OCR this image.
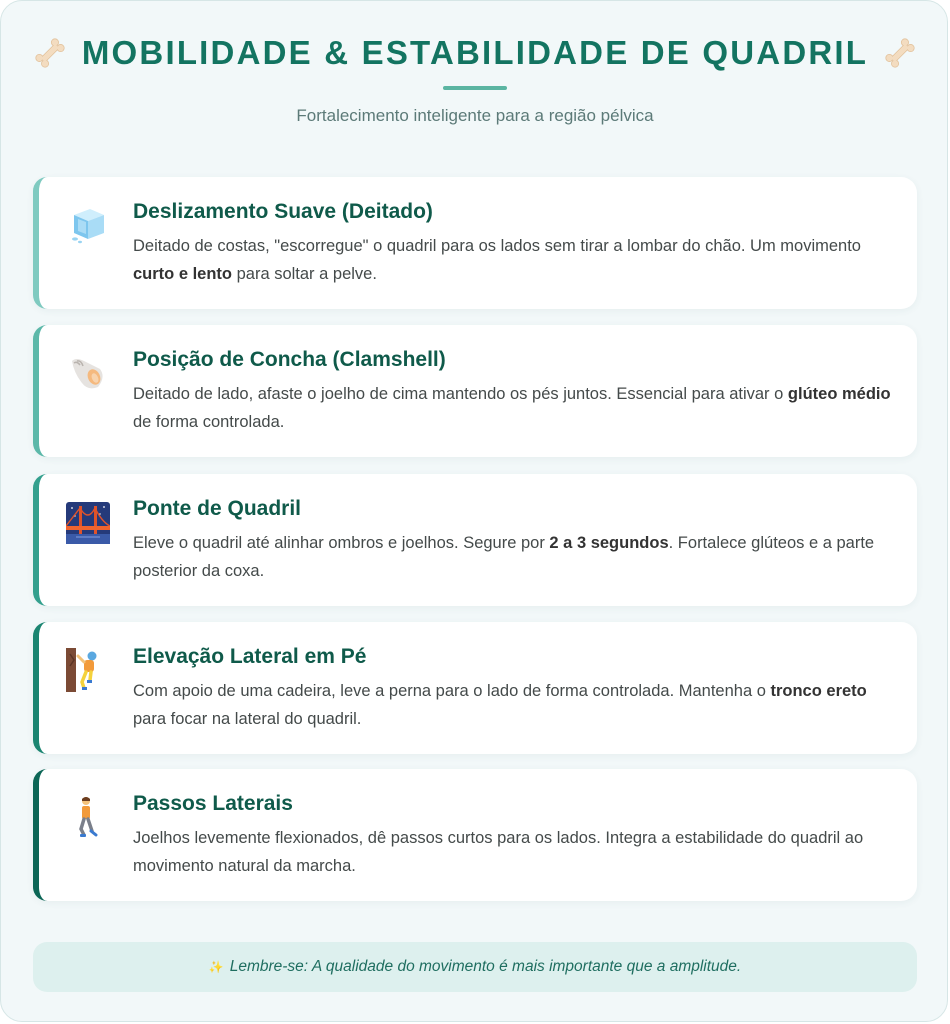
MOBILIDADE & ESTABILIDADE DE QUADRIL
Fortalecimento inteligente para a região pélvica
Deslizamento Suave (Deitado)
Deitado de costas, "escorregue" o quadril para os lados sem tirar a lombar do chão. Um movimento curto e lento para soltar a pelve.
Posição de Concha (Clamshell)
Deitado de lado, afaste o joelho de cima mantendo os pés juntos. Essencial para ativar o glúteo médio de forma controlada.
Ponte de Quadril
Eleve o quadril até alinhar ombros e joelhos. Segure por 2 a 3 segundos. Fortalece glúteos e a parte posterior da coxa.
Elevação Lateral em Pé
Com apoio de uma cadeira, leve a perna para o lado de forma controlada. Mantenha o tronco ereto para focar na lateral do quadril.
Passos Laterais
Joelhos levemente flexionados, dê passos curtos para os lados. Integra a estabilidade do quadril ao movimento natural da marcha.
✨ Lembre-se: A qualidade do movimento é mais importante que a amplitude.
